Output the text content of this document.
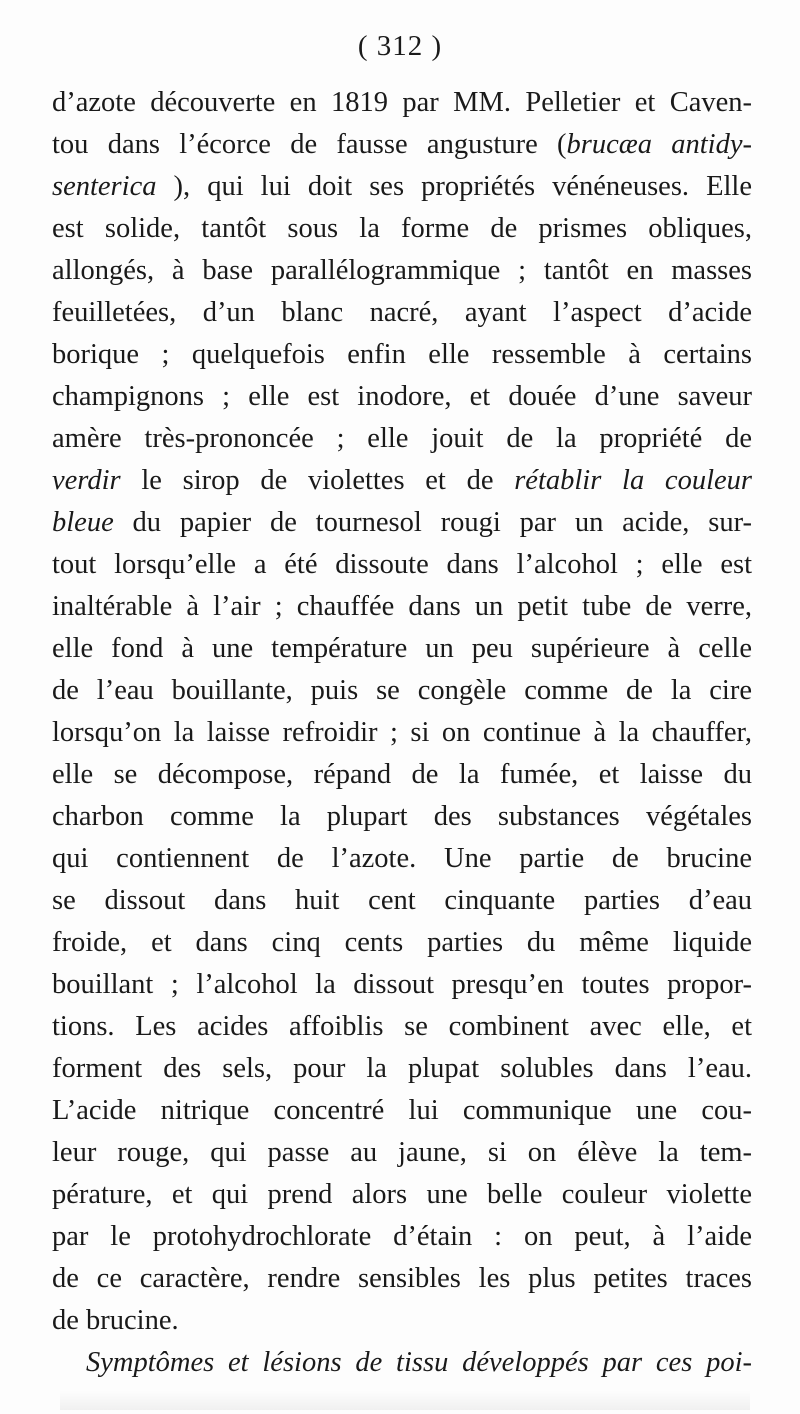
( 312 )
d’azote découverte en 1819 par MM. Pelletier et Caven-
tou dans l’écorce de fausse angusture (brucæa antidy-
senterica ), qui lui doit ses propriétés vénéneuses. Elle
est solide, tantôt sous la forme de prismes obliques,
allongés, à base parallélogrammique ; tantôt en masses
feuilletées, d’un blanc nacré, ayant l’aspect d’acide
borique ; quelquefois enfin elle ressemble à certains
champignons ; elle est inodore, et douée d’une saveur
amère très-prononcée ; elle jouit de la propriété de
verdir le sirop de violettes et de rétablir la couleur
bleue du papier de tournesol rougi par un acide, sur-
tout lorsqu’elle a été dissoute dans l’alcohol ; elle est
inaltérable à l’air ; chauffée dans un petit tube de verre,
elle fond à une température un peu supérieure à celle
de l’eau bouillante, puis se congèle comme de la cire
lorsqu’on la laisse refroidir ; si on continue à la chauffer,
elle se décompose, répand de la fumée, et laisse du
charbon comme la plupart des substances végétales
qui contiennent de l’azote. Une partie de brucine
se dissout dans huit cent cinquante parties d’eau
froide, et dans cinq cents parties du même liquide
bouillant ; l’alcohol la dissout presqu’en toutes propor-
tions. Les acides affoiblis se combinent avec elle, et
forment des sels, pour la plupat solubles dans l’eau.
L’acide nitrique concentré lui communique une cou-
leur rouge, qui passe au jaune, si on élève la tem-
pérature, et qui prend alors une belle couleur violette
par le protohydrochlorate d’étain : on peut, à l’aide
de ce caractère, rendre sensibles les plus petites traces
de brucine.
Symptômes et lésions de tissu développés par ces poi-
